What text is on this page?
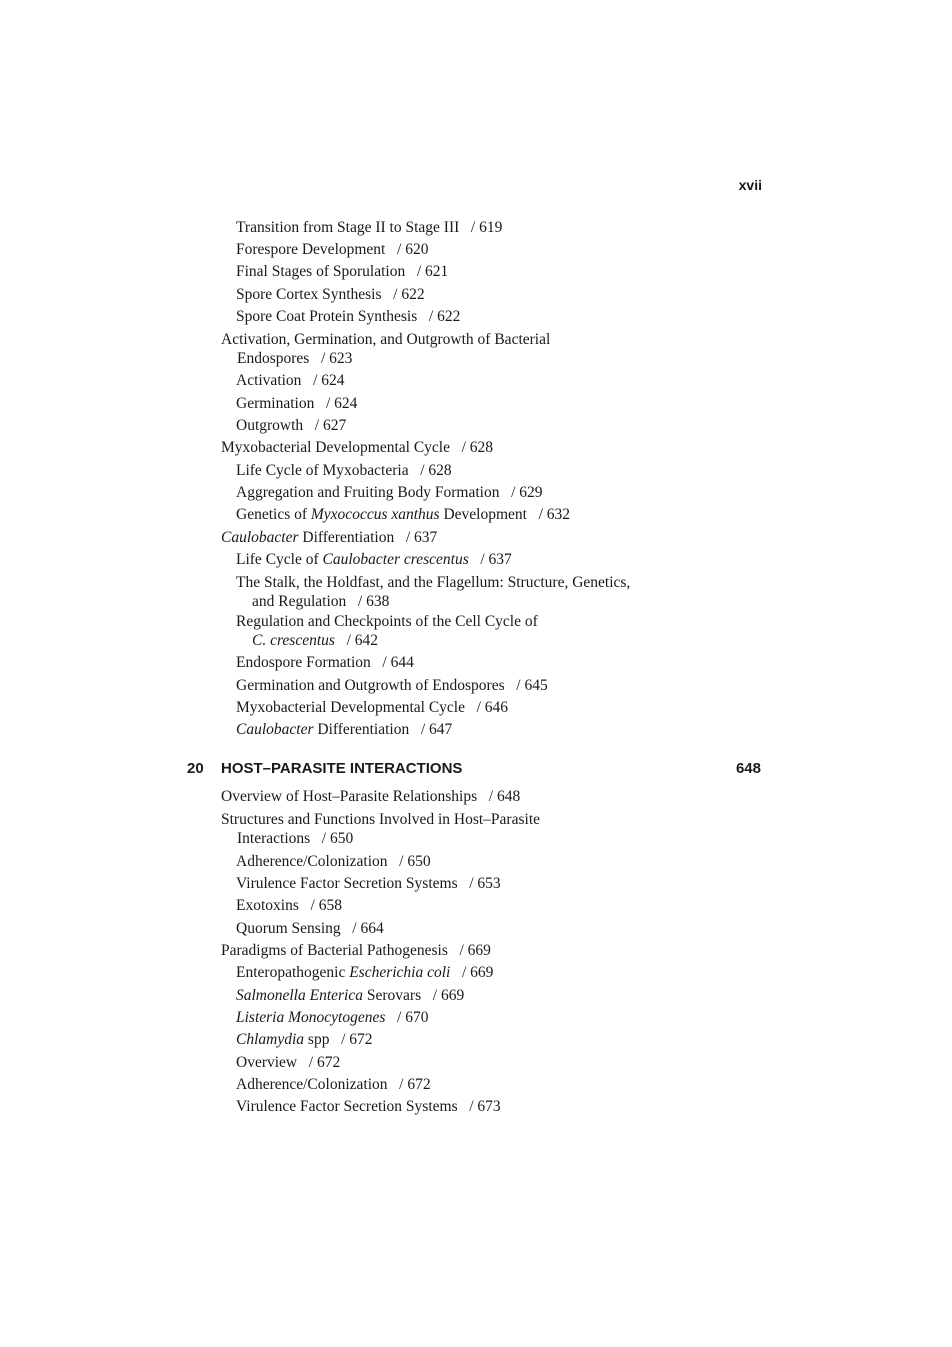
xvii
Transition from Stage II to Stage III / 619
Forespore Development / 620
Final Stages of Sporulation / 621
Spore Cortex Synthesis / 622
Spore Coat Protein Synthesis / 622
Activation, Germination, and Outgrowth of Bacterial
Endospores / 623
Activation / 624
Germination / 624
Outgrowth / 627
Myxobacterial Developmental Cycle / 628
Life Cycle of Myxobacteria / 628
Aggregation and Fruiting Body Formation / 629
Genetics of Myxococcus xanthus Development / 632
Caulobacter Differentiation / 637
Life Cycle of Caulobacter crescentus / 637
The Stalk, the Holdfast, and the Flagellum: Structure, Genetics,
and Regulation / 638
Regulation and Checkpoints of the Cell Cycle of
C. crescentus / 642
Endospore Formation / 644
Germination and Outgrowth of Endospores / 645
Myxobacterial Developmental Cycle / 646
Caulobacter Differentiation / 647
20 HOST–PARASITE INTERACTIONS	648
Overview of Host–Parasite Relationships / 648
Structures and Functions Involved in Host–Parasite
Interactions / 650
Adherence/Colonization / 650
Virulence Factor Secretion Systems / 653
Exotoxins / 658
Quorum Sensing / 664
Paradigms of Bacterial Pathogenesis / 669
Enteropathogenic Escherichia coli / 669
Salmonella Enterica Serovars / 669
Listeria Monocytogenes / 670
Chlamydia spp / 672
Overview / 672
Adherence/Colonization / 672
Virulence Factor Secretion Systems / 673
